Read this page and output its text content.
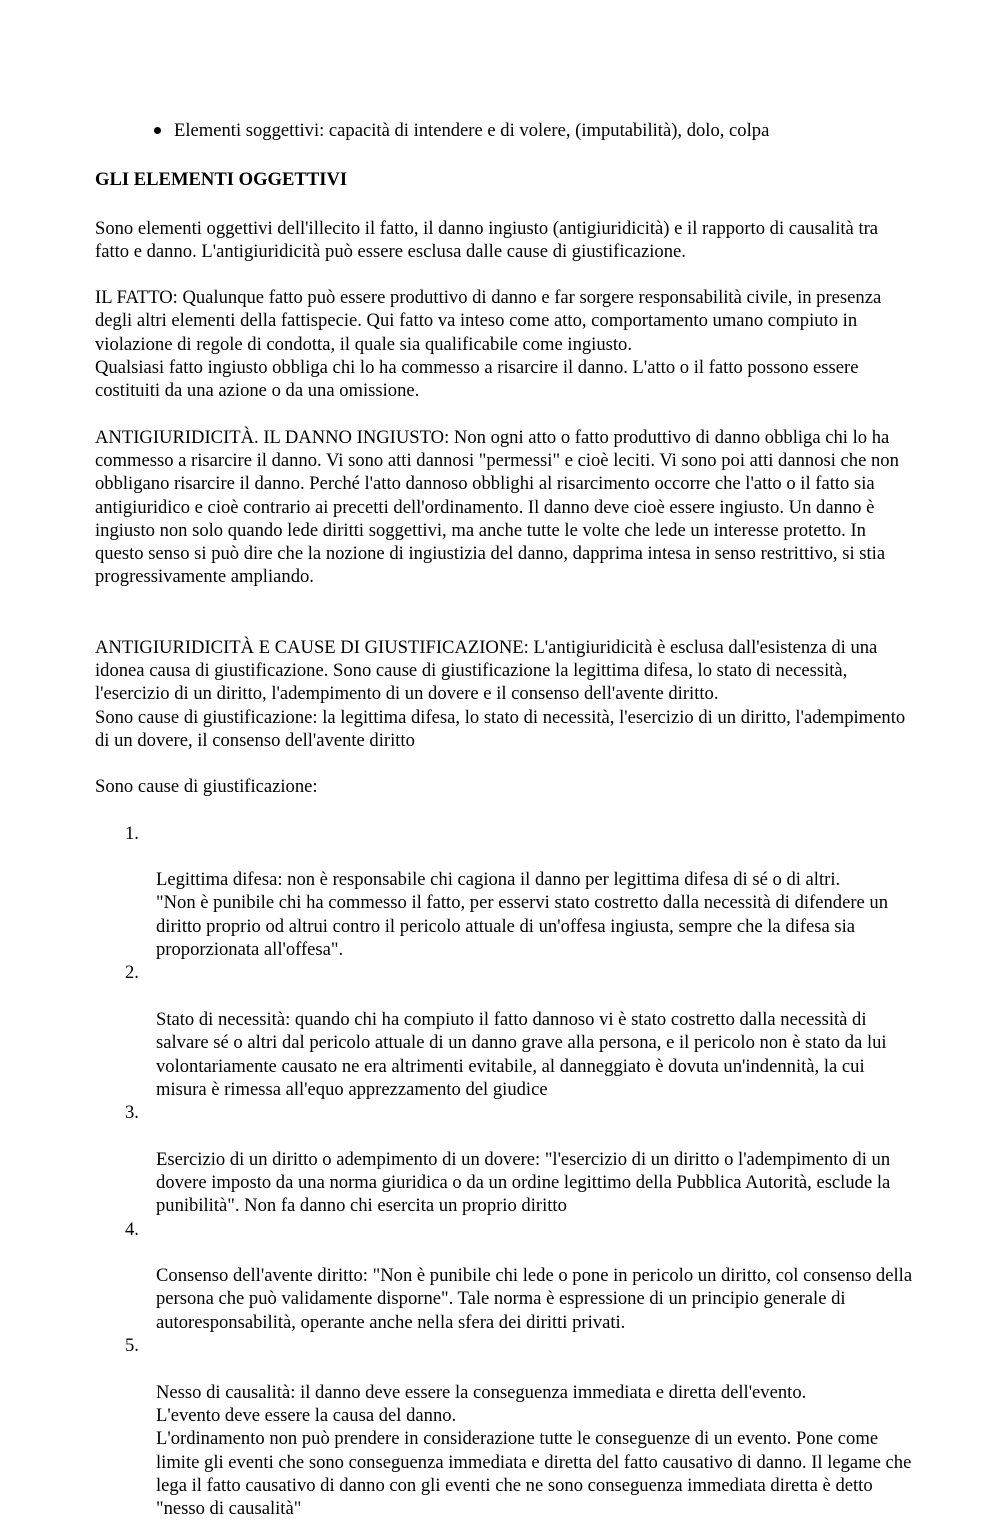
Elementi soggettivi: capacità di intendere e di volere, (imputabilità), dolo, colpa

GLI ELEMENTI OGGETTIVI

Sono elementi oggettivi dell'illecito il fatto, il danno ingiusto (antigiuridicità) e il rapporto di causalità tra fatto e danno. L'antigiuridicità può essere esclusa dalle cause di giustificazione.

IL FATTO: Qualunque fatto può essere produttivo di danno e far sorgere responsabilità civile, in presenza degli altri elementi della fattispecie. Qui fatto va inteso come atto, comportamento umano compiuto in violazione di regole di condotta, il quale sia qualificabile come ingiusto.
Qualsiasi fatto ingiusto obbliga chi lo ha commesso a risarcire il danno. L'atto o il fatto possono essere costituiti da una azione o da una omissione.

ANTIGIURIDICITÀ. IL DANNO INGIUSTO: Non ogni atto o fatto produttivo di danno obbliga chi lo ha commesso a risarcire il danno. Vi sono atti dannosi "permessi" e cioè leciti. Vi sono poi atti dannosi che non obbligano risarcire il danno. Perché l'atto dannoso obblighi al risarcimento occorre che l'atto o il fatto sia antigiuridico e cioè contrario ai precetti dell'ordinamento. Il danno deve cioè essere ingiusto. Un danno è ingiusto non solo quando lede diritti soggettivi, ma anche tutte le volte che lede un interesse protetto. In questo senso si può dire che la nozione di ingiustizia del danno, dapprima intesa in senso restrittivo, si stia progressivamente ampliando.

ANTIGIURIDICITÀ E CAUSE DI GIUSTIFICAZIONE: L'antigiuridicità è esclusa dall'esistenza di una idonea causa di giustificazione. Sono cause di giustificazione la legittima difesa, lo stato di necessità, l'esercizio di un diritto, l'adempimento di un dovere e il consenso dell'avente diritto.
Sono cause di giustificazione: la legittima difesa, lo stato di necessità, l'esercizio di un diritto, l'adempimento di un dovere, il consenso dell'avente diritto

Sono cause di giustificazione:

1.

Legittima difesa: non è responsabile chi cagiona il danno per legittima difesa di sé o di altri.
"Non è punibile chi ha commesso il fatto, per esservi stato costretto dalla necessità di difendere un diritto proprio od altrui contro il pericolo attuale di un'offesa ingiusta, sempre che la difesa sia proporzionata all'offesa".

2.

Stato di necessità: quando chi ha compiuto il fatto dannoso vi è stato costretto dalla necessità di salvare sé o altri dal pericolo attuale di un danno grave alla persona, e il pericolo non è stato da lui volontariamente causato ne era altrimenti evitabile, al danneggiato è dovuta un'indennità, la cui misura è rimessa all'equo apprezzamento del giudice

3.

Esercizio di un diritto o adempimento di un dovere: "l'esercizio di un diritto o l'adempimento di un dovere imposto da una norma giuridica o da un ordine legittimo della Pubblica Autorità, esclude la punibilità". Non fa danno chi esercita un proprio diritto

4.

Consenso dell'avente diritto: "Non è punibile chi lede o pone in pericolo un diritto, col consenso della persona che può validamente disporne". Tale norma è espressione di un principio generale di autoresponsabilità, operante anche nella sfera dei diritti privati.

5.

Nesso di causalità: il danno deve essere la conseguenza immediata e diretta dell'evento.
L'evento deve essere la causa del danno.
L'ordinamento non può prendere in considerazione tutte le conseguenze di un evento. Pone come limite gli eventi che sono conseguenza immediata e diretta del fatto causativo di danno. Il legame che lega il fatto causativo di danno con gli eventi che ne sono conseguenza immediata diretta è detto "nesso di causalità"
